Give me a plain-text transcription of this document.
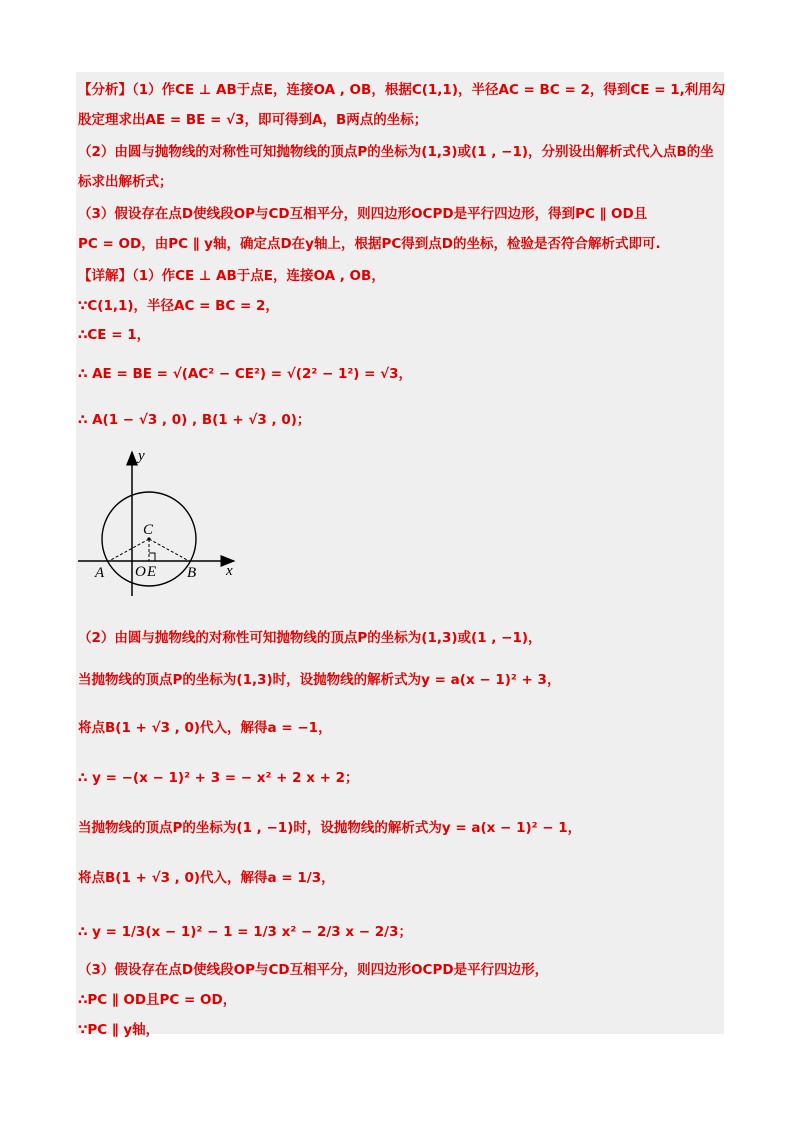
【分析】（1）作CE ⊥ AB于点E，连接OA , OB，根据C(1,1)，半径AC = BC = 2，得到CE = 1,利用勾
股定理求出AE = BE = √3，即可得到A，B两点的坐标；
（2）由圆与抛物线的对称性可知抛物线的顶点P的坐标为(1,3)或(1 , −1)，分别设出解析式代入点B的坐
标求出解析式；
（3）假设存在点D使线段OP与CD互相平分，则四边形OCPD是平行四边形，得到PC ∥ OD且
PC = OD，由PC ∥ y轴，确定点D在y轴上，根据PC得到点D的坐标，检验是否符合解析式即可.
【详解】（1）作CE ⊥ AB于点E，连接OA , OB，
∵C(1,1)，半径AC = BC = 2，
∴CE = 1，
∴ AE = BE = √(AC² − CE²) = √(2² − 1²) = √3，
∴ A(1 − √3 , 0) , B(1 + √3 , 0)；
（2）由圆与抛物线的对称性可知抛物线的顶点P的坐标为(1,3)或(1 , −1)，
当抛物线的顶点P的坐标为(1,3)时，设抛物线的解析式为y = a(x − 1)² + 3，
将点B(1 + √3 , 0)代入，解得a = −1，
∴ y = −(x − 1)² + 3 = − x² + 2 x + 2；
当抛物线的顶点P的坐标为(1 , −1)时，设抛物线的解析式为y = a(x − 1)² − 1，
将点B(1 + √3 , 0)代入，解得a = 1/3，
∴ y = 1/3(x − 1)² − 1 = 1/3 x² − 2/3 x − 2/3；
（3）假设存在点D使线段OP与CD互相平分，则四边形OCPD是平行四边形，
∴PC ∥ OD且PC = OD，
∵PC ∥ y轴，
y
x
C
A O E B
